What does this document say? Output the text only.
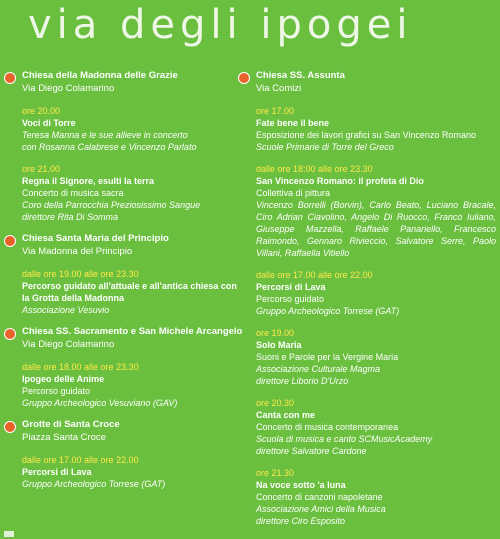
via degli ipogei
Chiesa della Madonna delle Grazie
Via Diego Colamarino
ore 20.00
Voci di Torre
Teresa Manna e le sue allieve in concerto
con Rosanna Calabrese e Vincenzo Parlato
ore 21.00
Regna il Signore, esulti la terra
Concerto di musica sacra
Coro della Parrocchia Preziosissimo Sangue
direttore Rita Di Somma
Chiesa Santa Maria del Principio
Via Madonna del Principio
dalle ore 19.00 alle ore 23.30
Percorso guidato all'attuale e all'antica chiesa con la Grotta della Madonna
Associazione Vesuvio
Chiesa SS. Sacramento e San Michele Arcangelo
Via Diego Colamarino
dalle ore 18.00 alle ore 23.30
Ipogeo delle Anime
Percorso guidato
Gruppo Archeologico Vesuviano (GAV)
Grotte di Santa Croce
Piazza Santa Croce
dalle ore 17.00 alle ore 22.00
Percorsi di Lava
Gruppo Archeologico Torrese (GAT)
Chiesa SS. Assunta
Via Comizi
ore 17.00
Fate bene il bene
Esposizione dei lavori grafici su San Vincenzo Romano
Scuole Primarie di Torre del Greco
dalle ore 18:00 alle ore 23.30
San Vincenzo Romano: il profeta di Dio
Collettiva di pittura
Vincenzo Borrelli (Borvin), Carlo Beato, Luciano Bracale, Ciro Adrian Ciavolino, Angelo Di Ruocco, Franco Iuliano, Giuseppe Mazzella, Raffaele Panariello, Francesco Raimondo, Gennaro Rivieccio, Salvatore Serre, Paolo Villani, Raffaella Vitiello
dalle ore 17.00 alle ore 22.00
Percorsi di Lava
Percorso guidato
Gruppo Archeologico Torrese (GAT)
ore 19.00
Solo Maria
Suoni e Parole per la Vergine Maria
Associazione Culturale Magma
direttore Liborio D'Urzo
ore 20.30
Canta con me
Concerto di musica contemporanea
Scuola di musica e canto SCMusicAcademy
direttore Salvatore Cardone
ore 21.30
Na voce sotto 'a luna
Concerto di canzoni napoletane
Associazione Amici della Musica
direttore Ciro Esposito
